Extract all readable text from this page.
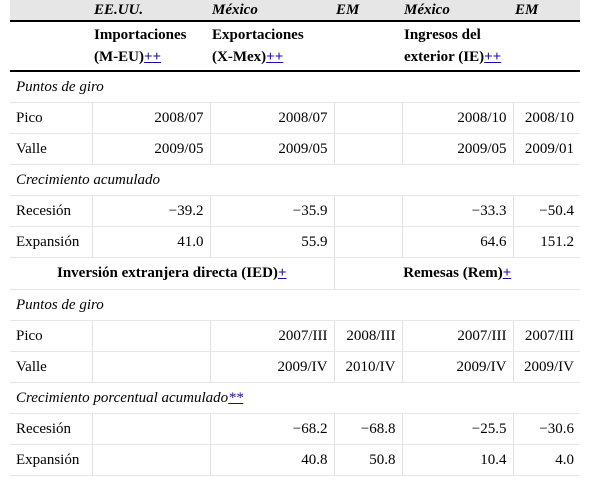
	EE.UU.	México	EM	México	EM
	Importaciones (M-EU)++	Exportaciones (X-Mex)++		Ingresos del exterior (IE)++	
Puntos de giro					
Pico	2008/07	2008/07		2008/10	2008/10
Valle	2009/05	2009/05		2009/05	2009/01
Crecimiento acumulado					
Recesión	−39.2	−35.9		−33.3	−50.4
Expansión	41.0	55.9		64.6	151.2
Inversión extranjera directa (IED)+			Remesas (Rem)+		
Puntos de giro					
Pico		2007/III	2008/III	2007/III	2007/III
Valle		2009/IV	2010/IV	2009/IV	2009/IV
Crecimiento porcentual acumulado**					
Recesión		−68.2	−68.8	−25.5	−30.6
Expansión		40.8	50.8	10.4	4.0
